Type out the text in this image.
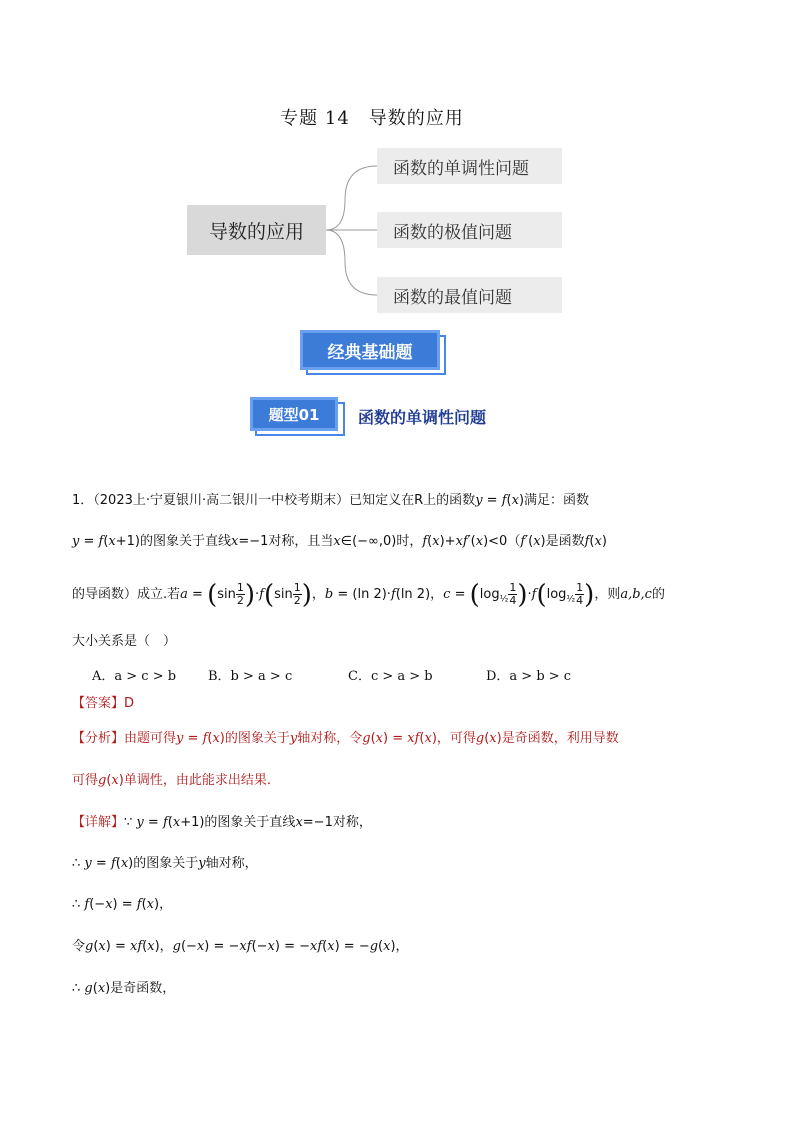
专题 14　导数的应用
导数的应用
函数的单调性问题
函数的极值问题
函数的最值问题
经典基础题
题型01	函数的单调性问题
1．（2023上·宁夏银川·高二银川一中校考期末）已知定义在R上的函数y = f(x)满足：函数
y = f(x+1)的图象关于直线x=−1对称，且当x∈(−∞,0)时，f(x)+xf′(x)<0（f′(x)是函数f(x)
的导函数）成立.若$a = (\sin \frac{1}{2} )\cdot f(\sin \frac{1}{2}$ )，b = (ln 2)·f(ln 2)，$c = (\log_{\frac{1}{2}} \frac{1}{4} )\cdot f(\log_{\frac{1}{2}} \frac{1}{4}$ )，则a,b,c的
大小关系是（　）
A．a > c > b B．b > a > c	C．c > a > b	D．a > b > c
【答案】D
【分析】由题可得y = f(x)的图象关于y轴对称，令g(x) = xf(x)，可得g(x)是奇函数，利用导数
可得g(x)单调性，由此能求出结果.
【详解】∵ y = f(x+1)的图象关于直线x=−1对称，
∴ y = f(x)的图象关于y轴对称，
∴ f(−x) = f(x)，
令g(x) = xf(x)，g(−x) = −xf(−x) = −xf(x) = −g(x)，
∴ g(x)是奇函数，
